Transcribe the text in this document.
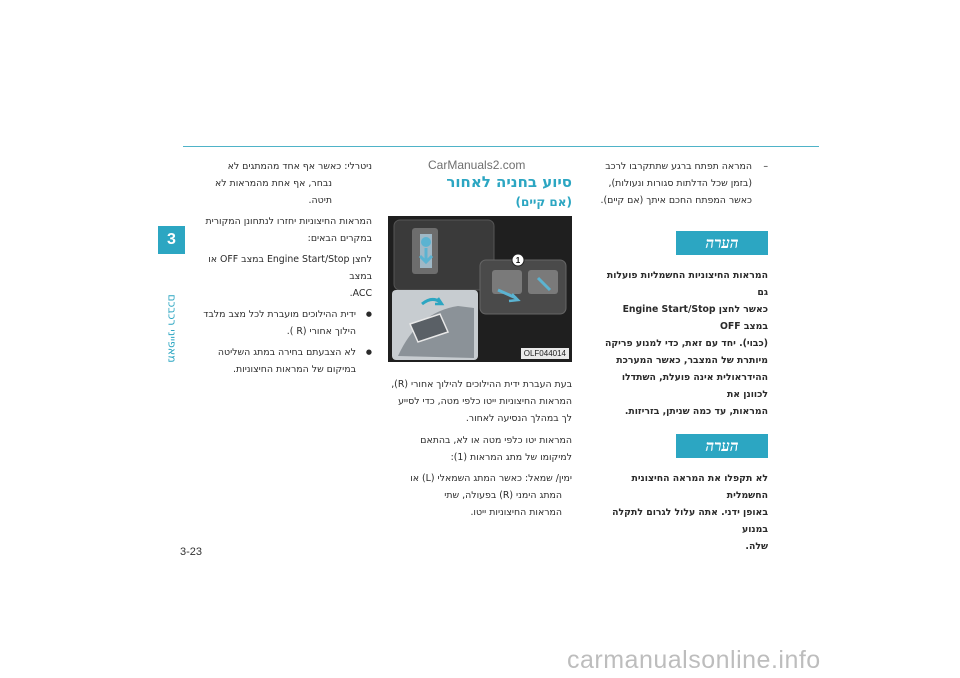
3
מאפייני רכבכם
3-23
–

המראה תפתח ברגע שתתקרבו לרכב

(בזמן שכל הדלתות סגורות ונעולות),

כאשר המפתח החכם איתך (אם קיים).

הערה

המראות החיצוניות החשמליות פועלות גם

כאשר לחצן Engine Start/Stop במצב OFF

(כבוי). יחד עם זאת, כדי למנוע פריקה

מיותרת של המצבר, כאשר המערכת

ההידראולית אינה פועלת, השתדלו לכוונן את

המראות, עד כמה שניתן, בזריזות.

הערה

לא תקפלו את המראה החיצונית החשמלית

באופן ידני. אתה עלול לגרום לתקלה במנוע

שלה.

CarManuals2.com
סיוע בחניה לאחור
(אם קיים)
1
OLF044014

בעת העברת ידית ההילוכים להילוך אחורי (R),

המראות החיצוניות ייטו כלפי מטה, כדי לסייע

לך במהלך הנסיעה לאחור.

המראות יטו כלפי מטה או לא, בהתאם

למיקומו של מתג המראות (1):

ימין/ שמאל: כאשר המתג השמאלי (L) או

המתג הימני (R) בפעולה, שתי

המראות החיצוניות ייטו.

ניטרלי: כאשר אף אחד מהמתגים לא

נבחר, אף אחת מהמראות לא

תיטה.

המראות החיצוניות יחזרו לנתחונן המקורית

במקרים הבאים:

לחצן Engine Start/Stop במצב OFF או במצב

ACC.

● ידית ההילוכים מועברת לכל מצב מלבד

הילוך אחורי (R ).

● לא הצבעתם בחירה במתג השליטה

במיקום של המראות החיצוניות.

carmanualsonline.info
